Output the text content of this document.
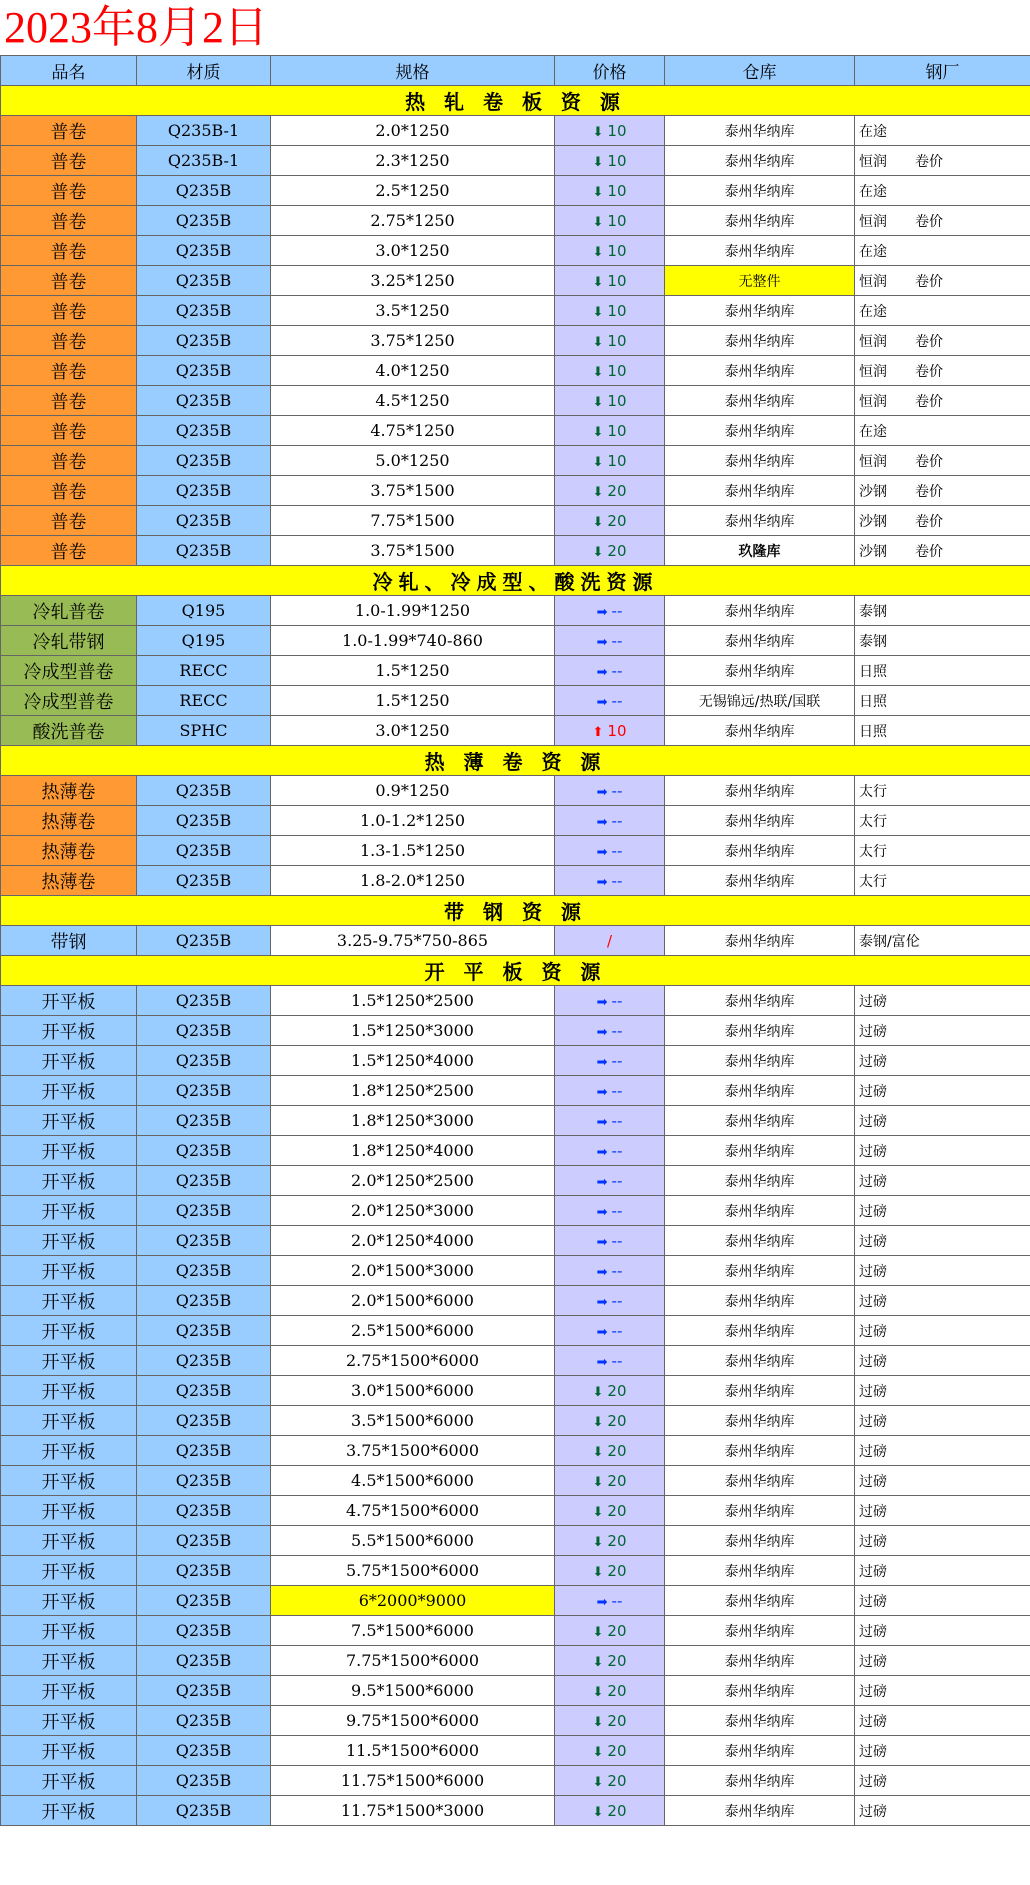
2023年8月2日
品名	材质	规格	价格	仓库	钢厂
热 轧 卷 板 资 源					
普卷	Q235B-1	2.0*1250	⬇ 10	泰州华纳库	在途
普卷	Q235B-1	2.3*1250	⬇ 10	泰州华纳库	恒润　　卷价
普卷	Q235B	2.5*1250	⬇ 10	泰州华纳库	在途
普卷	Q235B	2.75*1250	⬇ 10	泰州华纳库	恒润　　卷价
普卷	Q235B	3.0*1250	⬇ 10	泰州华纳库	在途
普卷	Q235B	3.25*1250	⬇ 10	无整件	恒润　　卷价
普卷	Q235B	3.5*1250	⬇ 10	泰州华纳库	在途
普卷	Q235B	3.75*1250	⬇ 10	泰州华纳库	恒润　　卷价
普卷	Q235B	4.0*1250	⬇ 10	泰州华纳库	恒润　　卷价
普卷	Q235B	4.5*1250	⬇ 10	泰州华纳库	恒润　　卷价
普卷	Q235B	4.75*1250	⬇ 10	泰州华纳库	在途
普卷	Q235B	5.0*1250	⬇ 10	泰州华纳库	恒润　　卷价
普卷	Q235B	3.75*1500	⬇ 20	泰州华纳库	沙钢　　卷价
普卷	Q235B	7.75*1500	⬇ 20	泰州华纳库	沙钢　　卷价
普卷	Q235B	3.75*1500	⬇ 20	玖隆库	沙钢　　卷价
冷轧、冷成型、酸洗资源					
冷轧普卷	Q195	1.0-1.99*1250	➡ --	泰州华纳库	泰钢
冷轧带钢	Q195	1.0-1.99*740-860	➡ --	泰州华纳库	泰钢
冷成型普卷	RECC	1.5*1250	➡ --	泰州华纳库	日照
冷成型普卷	RECC	1.5*1250	➡ --	无锡锦远/热联/国联	日照
酸洗普卷	SPHC	3.0*1250	⬆ 10	泰州华纳库	日照
热 薄 卷 资 源					
热薄卷	Q235B	0.9*1250	➡ --	泰州华纳库	太行
热薄卷	Q235B	1.0-1.2*1250	➡ --	泰州华纳库	太行
热薄卷	Q235B	1.3-1.5*1250	➡ --	泰州华纳库	太行
热薄卷	Q235B	1.8-2.0*1250	➡ --	泰州华纳库	太行
带 钢 资 源					
带钢	Q235B	3.25-9.75*750-865	/	泰州华纳库	泰钢/富伦
开 平 板 资 源					
开平板	Q235B	1.5*1250*2500	➡ --	泰州华纳库	过磅
开平板	Q235B	1.5*1250*3000	➡ --	泰州华纳库	过磅
开平板	Q235B	1.5*1250*4000	➡ --	泰州华纳库	过磅
开平板	Q235B	1.8*1250*2500	➡ --	泰州华纳库	过磅
开平板	Q235B	1.8*1250*3000	➡ --	泰州华纳库	过磅
开平板	Q235B	1.8*1250*4000	➡ --	泰州华纳库	过磅
开平板	Q235B	2.0*1250*2500	➡ --	泰州华纳库	过磅
开平板	Q235B	2.0*1250*3000	➡ --	泰州华纳库	过磅
开平板	Q235B	2.0*1250*4000	➡ --	泰州华纳库	过磅
开平板	Q235B	2.0*1500*3000	➡ --	泰州华纳库	过磅
开平板	Q235B	2.0*1500*6000	➡ --	泰州华纳库	过磅
开平板	Q235B	2.5*1500*6000	➡ --	泰州华纳库	过磅
开平板	Q235B	2.75*1500*6000	➡ --	泰州华纳库	过磅
开平板	Q235B	3.0*1500*6000	⬇ 20	泰州华纳库	过磅
开平板	Q235B	3.5*1500*6000	⬇ 20	泰州华纳库	过磅
开平板	Q235B	3.75*1500*6000	⬇ 20	泰州华纳库	过磅
开平板	Q235B	4.5*1500*6000	⬇ 20	泰州华纳库	过磅
开平板	Q235B	4.75*1500*6000	⬇ 20	泰州华纳库	过磅
开平板	Q235B	5.5*1500*6000	⬇ 20	泰州华纳库	过磅
开平板	Q235B	5.75*1500*6000	⬇ 20	泰州华纳库	过磅
开平板	Q235B	6*2000*9000	➡ --	泰州华纳库	过磅
开平板	Q235B	7.5*1500*6000	⬇ 20	泰州华纳库	过磅
开平板	Q235B	7.75*1500*6000	⬇ 20	泰州华纳库	过磅
开平板	Q235B	9.5*1500*6000	⬇ 20	泰州华纳库	过磅
开平板	Q235B	9.75*1500*6000	⬇ 20	泰州华纳库	过磅
开平板	Q235B	11.5*1500*6000	⬇ 20	泰州华纳库	过磅
开平板	Q235B	11.75*1500*6000	⬇ 20	泰州华纳库	过磅
开平板	Q235B	11.75*1500*3000	⬇ 20	泰州华纳库	过磅
